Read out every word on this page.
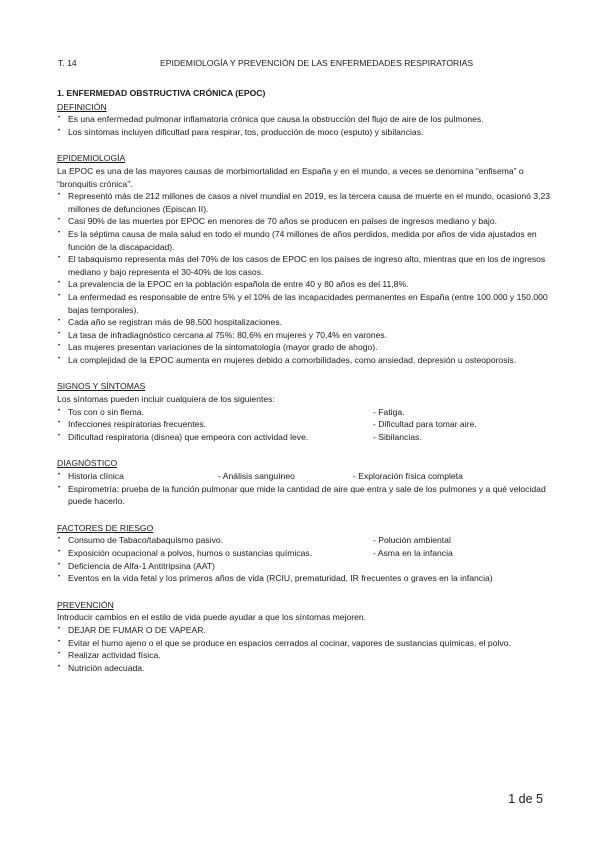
T. 14	EPIDEMIOLOGÍA Y PREVENCIÓN DE LAS ENFERMEDADES RESPIRATORIAS
1. ENFERMEDAD OBSTRUCTIVA CRÓNICA (EPOC)
DEFINICIÓN
• Es una enfermedad pulmonar inflamatoria crónica que causa la obstrucción del flujo de aire de los pulmones.
• Los síntomas incluyen dificultad para respirar, tos, producción de moco (esputo) y sibilancias.
EPIDEMIOLOGÍA

La EPOC es una de las mayores causas de morbimortalidad en España y en el mundo, a veces se denomina “enfisema” o “bronquitis crónica”.

• Representó más de 212 millones de casos a nivel mundial en 2019, es la tercera causa de muerte en el mundo, ocasionó 3,23 millones de defunciones (Episcan II).
• Casi 90% de las muertes por EPOC en menores de 70 años se producen en países de ingresos mediano y bajo.
• Es la séptima causa de mala salud en todo el mundo (74 millones de años perdidos, medida por años de vida ajustados en función de la discapacidad).
• El tabaquismo representa más del 70% de los casos de EPOC en los países de ingreso alto, mientras que en los de ingresos mediano y bajo representa el 30-40% de los casos.
• La prevalencia de la EPOC en la población española de entre 40 y 80 años es del 11,8%.
• La enfermedad es responsable de entre 5% y el 10% de las incapacidades permanentes en España (entre 100.000 y 150.000 bajas temporales).
• Cada año se registran más de 98.500 hospitalizaciones.
• La tasa de infradiagnóstico cercana al 75%: 80,6% en mujeres y 70,4% en varones.
• Las mujeres presentan variaciones de la sintomatología (mayor grado de ahogo).
• La complejidad de la EPOC aumenta en mujeres debido a comorbilidades, como ansiedad, depresión u osteoporosis.
SIGNOS Y SÍNTOMAS

Los síntomas pueden incluir cualquiera de los siguientes:

• Tos con o sin flema.	- Fatiga.
• Infecciones respiratorias frecuentes.	- Dificultad para tomar aire.
• Dificultad respiratoria (disnea) que empeora con actividad leve.	- Sibilancias.
DIAGNÓSTICO
• Historia clínica	- Análisis sanguíneo	- Exploración física completa
• Espirometría: prueba de la función pulmonar que mide la cantidad de aire que entra y sale de los pulmones y a qué velocidad puede hacerlo.
FACTORES DE RIESGO
• Consumo de Tabaco/tabaquismo pasivo.	- Polución ambiental
• Exposición ocupacional a polvos, humos o sustancias químicas.	- Asma en la infancia
• Deficiencia de Alfa-1 Antitripsina (AAT)
• Eventos en la vida fetal y los primeros años de vida (RCIU, prematuridad, IR frecuentes o graves en la infancia)
PREVENCIÓN

Introducir cambios en el estilo de vida puede ayudar a que los síntomas mejoren.

• DEJAR DE FUMAR O DE VAPEAR.
• Evitar el humo ajeno o el que se produce en espacios cerrados al cocinar, vapores de sustancias químicas, el polvo.
• Realizar actividad física.
• Nutrición adecuada.
1 de 5
